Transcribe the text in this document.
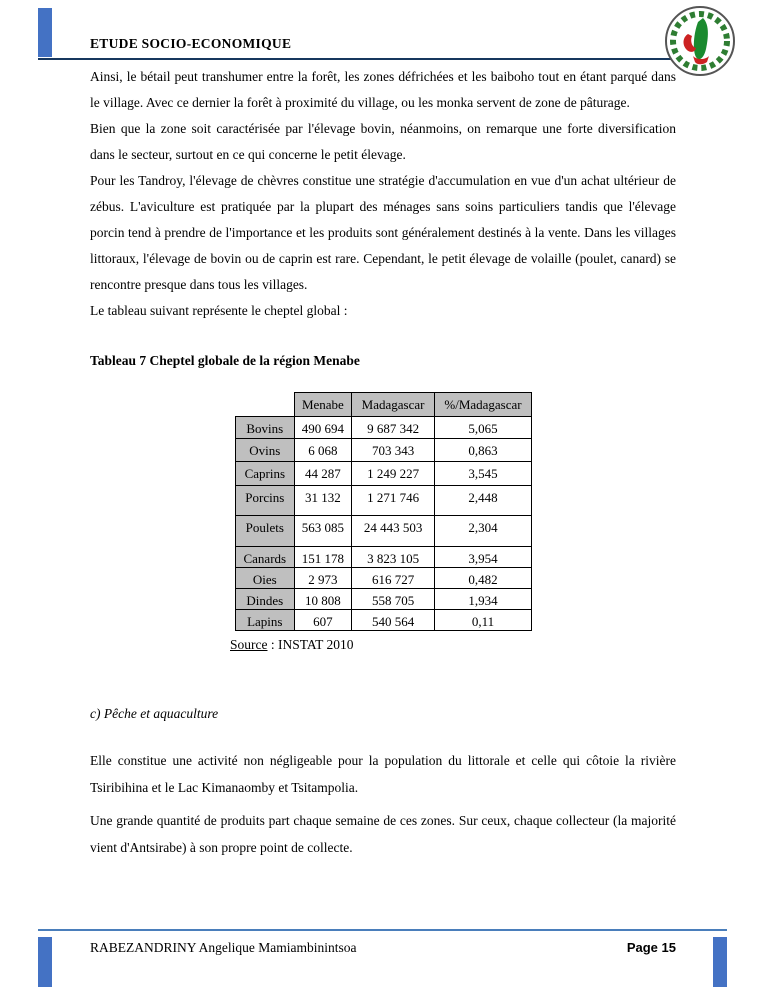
ETUDE SOCIO-ECONOMIQUE

Ainsi, le bétail peut transhumer entre la forêt, les zones défrichées et les baiboho tout en étant parqué dans le village. Avec ce dernier la forêt à proximité du village, ou les monka servent de zone de pâturage.

Bien que la zone soit caractérisée par l'élevage bovin, néanmoins, on remarque une forte diversification dans le secteur, surtout en ce qui concerne le petit élevage.

Pour les Tandroy, l'élevage de chèvres constitue une stratégie d'accumulation en vue d'un achat ultérieur de zébus. L'aviculture est pratiquée par la plupart des ménages sans soins particuliers tandis que l'élevage porcin tend à prendre de l'importance et les produits sont généralement destinés à la vente. Dans les villages littoraux, l'élevage de bovin ou de caprin est rare. Cependant, le petit élevage de volaille (poulet, canard) se rencontre presque dans tous les villages.

Le tableau suivant représente le cheptel global :

Tableau 7 Cheptel globale de la région Menabe
	Menabe	Madagascar	%/Madagascar
Bovins	490 694	9 687 342	5,065
Ovins	6 068	703 343	0,863
Caprins	44 287	1 249 227	3,545
Porcins	31 132	1 271 746	2,448
Poulets	563 085	24 443 503	2,304
Canards	151 178	3 823 105	3,954
Oies	2 973	616 727	0,482
Dindes	10 808	558 705	1,934
Lapins	607	540 564	0,11
Source : INSTAT 2010
c) Pêche et aquaculture

Elle constitue une activité non négligeable pour la population du littorale et celle qui côtoie la rivière Tsiribihina et le Lac Kimanaomby et Tsitampolia.

Une grande quantité de produits part chaque semaine de ces zones. Sur ceux, chaque collecteur (la majorité vient d'Antsirabe) à son propre point de collecte.

RABEZANDRINY Angelique Mamiambinintsoa	Page 15
